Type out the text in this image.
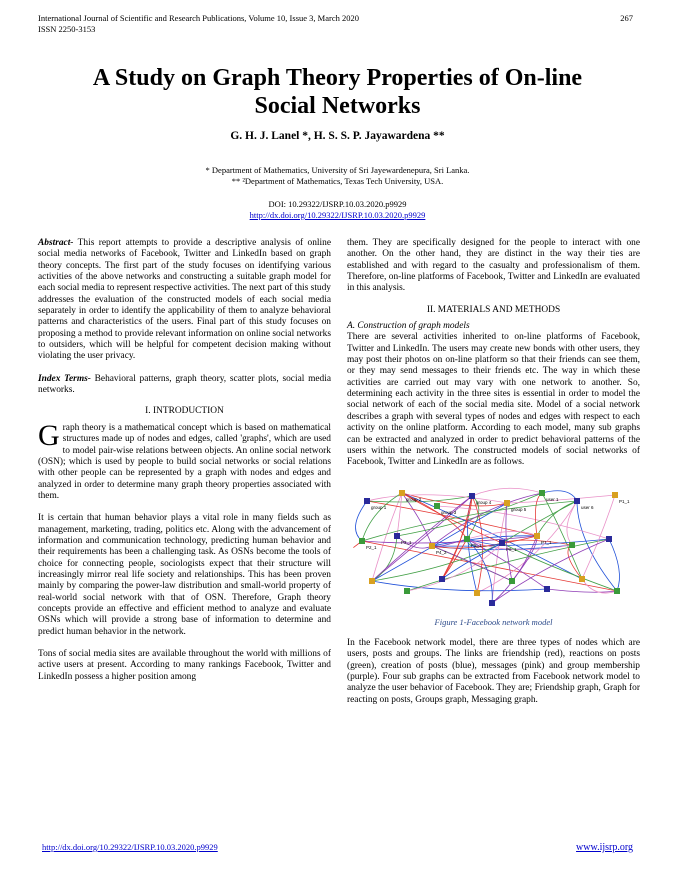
International Journal of Scientific and Research Publications, Volume 10, Issue 3, March 2020
ISSN 2250-3153
267
A Study on Graph Theory Properties of On-line Social Networks
G. H. J. Lanel *, H. S. S. P. Jayawardena **
* Department of Mathematics, University of Sri Jayewardenepura, Sri Lanka.
** ²Department of Mathematics, Texas Tech University, USA.
DOI: 10.29322/IJSRP.10.03.2020.p9929
http://dx.doi.org/10.29322/IJSRP.10.03.2020.p9929

Abstract- This report attempts to provide a descriptive analysis of online social media networks of Facebook, Twitter and LinkedIn based on graph theory concepts. The first part of the study focuses on identifying various activities of the above networks and constructing a suitable graph model for each social media to represent respective activities. The next part of this study addresses the evaluation of the constructed models of each social media separately in order to identify the applicability of them to analyze behavioral patterns and characteristics of the users. Final part of this study focuses on proposing a method to provide relevant information on online social networks to outsiders, which will be helpful for competent decision making without violating the user privacy.

Index Terms- Behavioral patterns, graph theory, scatter plots, social media networks.

I. INTRODUCTION

Graph theory is a mathematical concept which is based on mathematical structures made up of nodes and edges, called 'graphs', which are used to model pair-wise relations between objects. An online social network (OSN); which is used by people to build social networks or social relations with other people can be represented by a graph with nodes and edges and analyzed in order to determine many graph theory properties associated with them.

It is certain that human behavior plays a vital role in many fields such as management, marketing, trading, politics etc. Along with the advancement of information and communication technology, predicting human behavior and their requirements has been a challenging task. As OSNs become the tools of choice for connecting people, sociologists expect that their structure will increasingly mirror real life society and relationships. This has been proven mainly by comparing the power-law distribution and small-world property of real-world social network with that of OSN. Therefore, Graph theory concepts provide an effective and efficient method to analyze and evaluate OSNs which will provide a strong base of information to determine and predict human behavior in the network.

Tons of social media sites are available throughout the world with millions of active users at present. According to many rankings Facebook, Twitter and LinkedIn possess a higher position among

them. They are specifically designed for the people to interact with one another. On the other hand, they are distinct in the way their ties are established and with regard to the casualty and professionalism of them. Therefore, on-line platforms of Facebook, Twitter and LinkedIn are evaluated in this analysis.

II. MATERIALS AND METHODS

A. Construction of graph models

There are several activities inherited to on-line platforms of Facebook, Twitter and LinkedIn. The users may create new bonds with other users, they may post their photos on on-line platform so that their friends can see them, or they may send messages to their friends etc. The way in which these activities are carried out may vary with one network to another. So, determining each activity in the three sites is essential in order to model the social network of each of the social media site. Model of a social network describes a graph with several types of nodes and edges with respect to each activity on the online platform. According to each model, many sub graphs can be extracted and analyzed in order to predict behavioral patterns of the users within the network. The constructed models of social networks of Facebook, Twitter and LinkedIn are as follows.

group 1
group 2
group 3
group 4
group 5
user 1
user 6
P1_1
P2_1
P3_1
P4_2
P5_1
P6_1
P7_1
Figure 1-Facebook network model

In the Facebook network model, there are three types of nodes which are users, posts and groups. The links are friendship (red), reactions on posts (green), creation of posts (blue), messages (pink) and group membership (purple). Four sub graphs can be extracted from Facebook network model to analyze the user behavior of Facebook. They are; Friendship graph, Graph for reacting on posts, Groups graph, Messaging graph.

http://dx.doi.org/10.29322/IJSRP.10.03.2020.p9929	www.ijsrp.org
